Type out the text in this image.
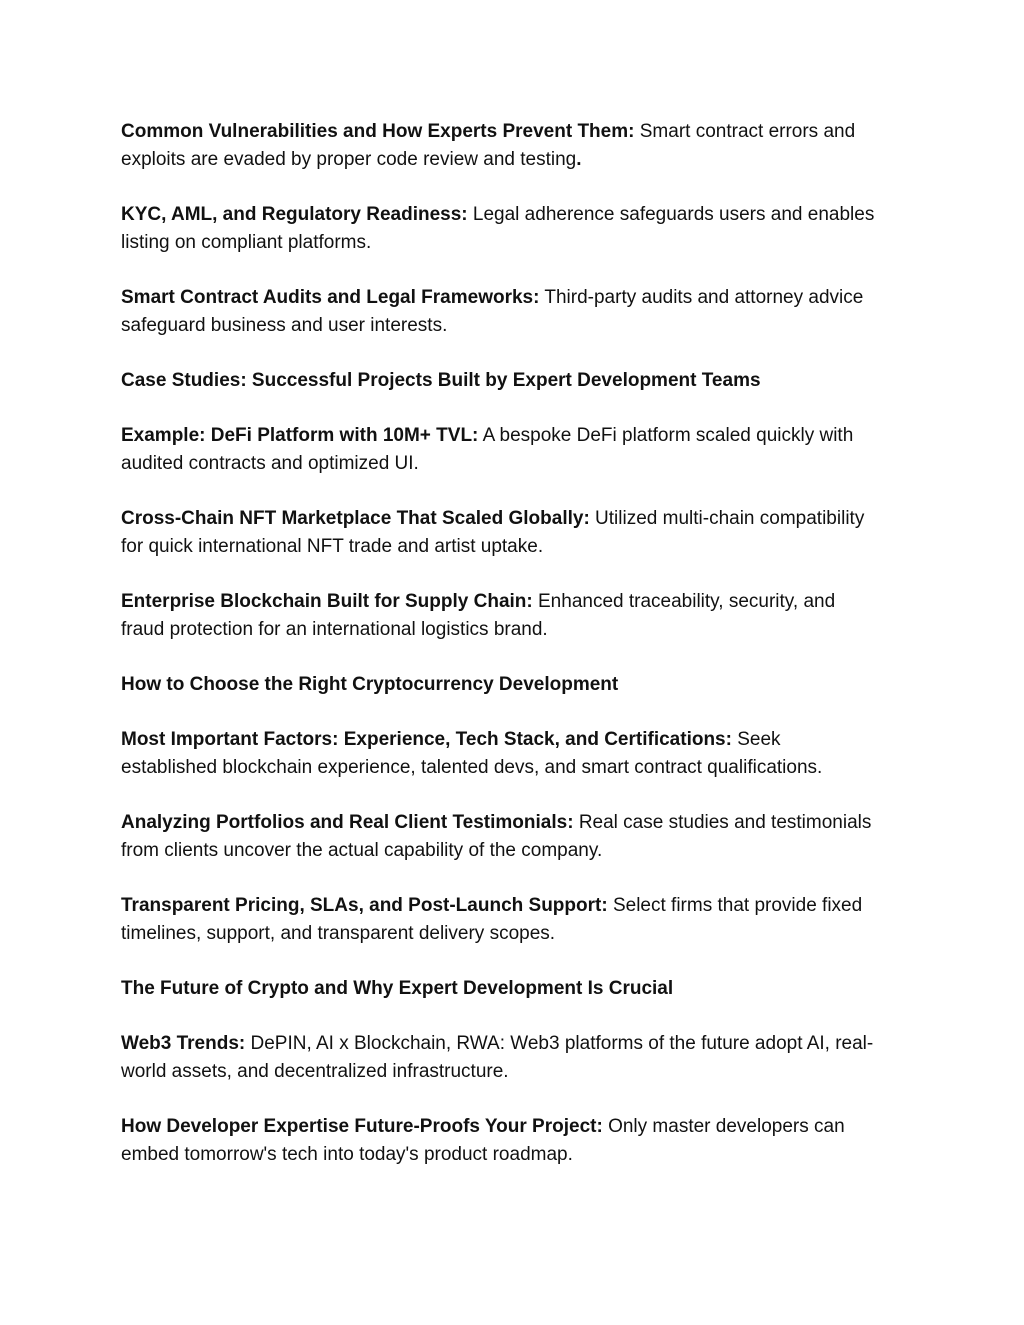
Common Vulnerabilities and How Experts Prevent Them: Smart contract errors and exploits are evaded by proper code review and testing.

KYC, AML, and Regulatory Readiness: Legal adherence safeguards users and enables listing on compliant platforms.

Smart Contract Audits and Legal Frameworks: Third-party audits and attorney advice safeguard business and user interests.

Case Studies: Successful Projects Built by Expert Development Teams

Example: DeFi Platform with 10M+ TVL: A bespoke DeFi platform scaled quickly with audited contracts and optimized UI.

Cross-Chain NFT Marketplace That Scaled Globally: Utilized multi-chain compatibility for quick international NFT trade and artist uptake.

Enterprise Blockchain Built for Supply Chain: Enhanced traceability, security, and fraud protection for an international logistics brand.

How to Choose the Right Cryptocurrency Development

Most Important Factors: Experience, Tech Stack, and Certifications: Seek established blockchain experience, talented devs, and smart contract qualifications.

Analyzing Portfolios and Real Client Testimonials: Real case studies and testimonials from clients uncover the actual capability of the company.

Transparent Pricing, SLAs, and Post-Launch Support: Select firms that provide fixed timelines, support, and transparent delivery scopes.

The Future of Crypto and Why Expert Development Is Crucial

Web3 Trends: DePIN, AI x Blockchain, RWA: Web3 platforms of the future adopt AI, real-world assets, and decentralized infrastructure.

How Developer Expertise Future-Proofs Your Project: Only master developers can embed tomorrow's tech into today's product roadmap.
